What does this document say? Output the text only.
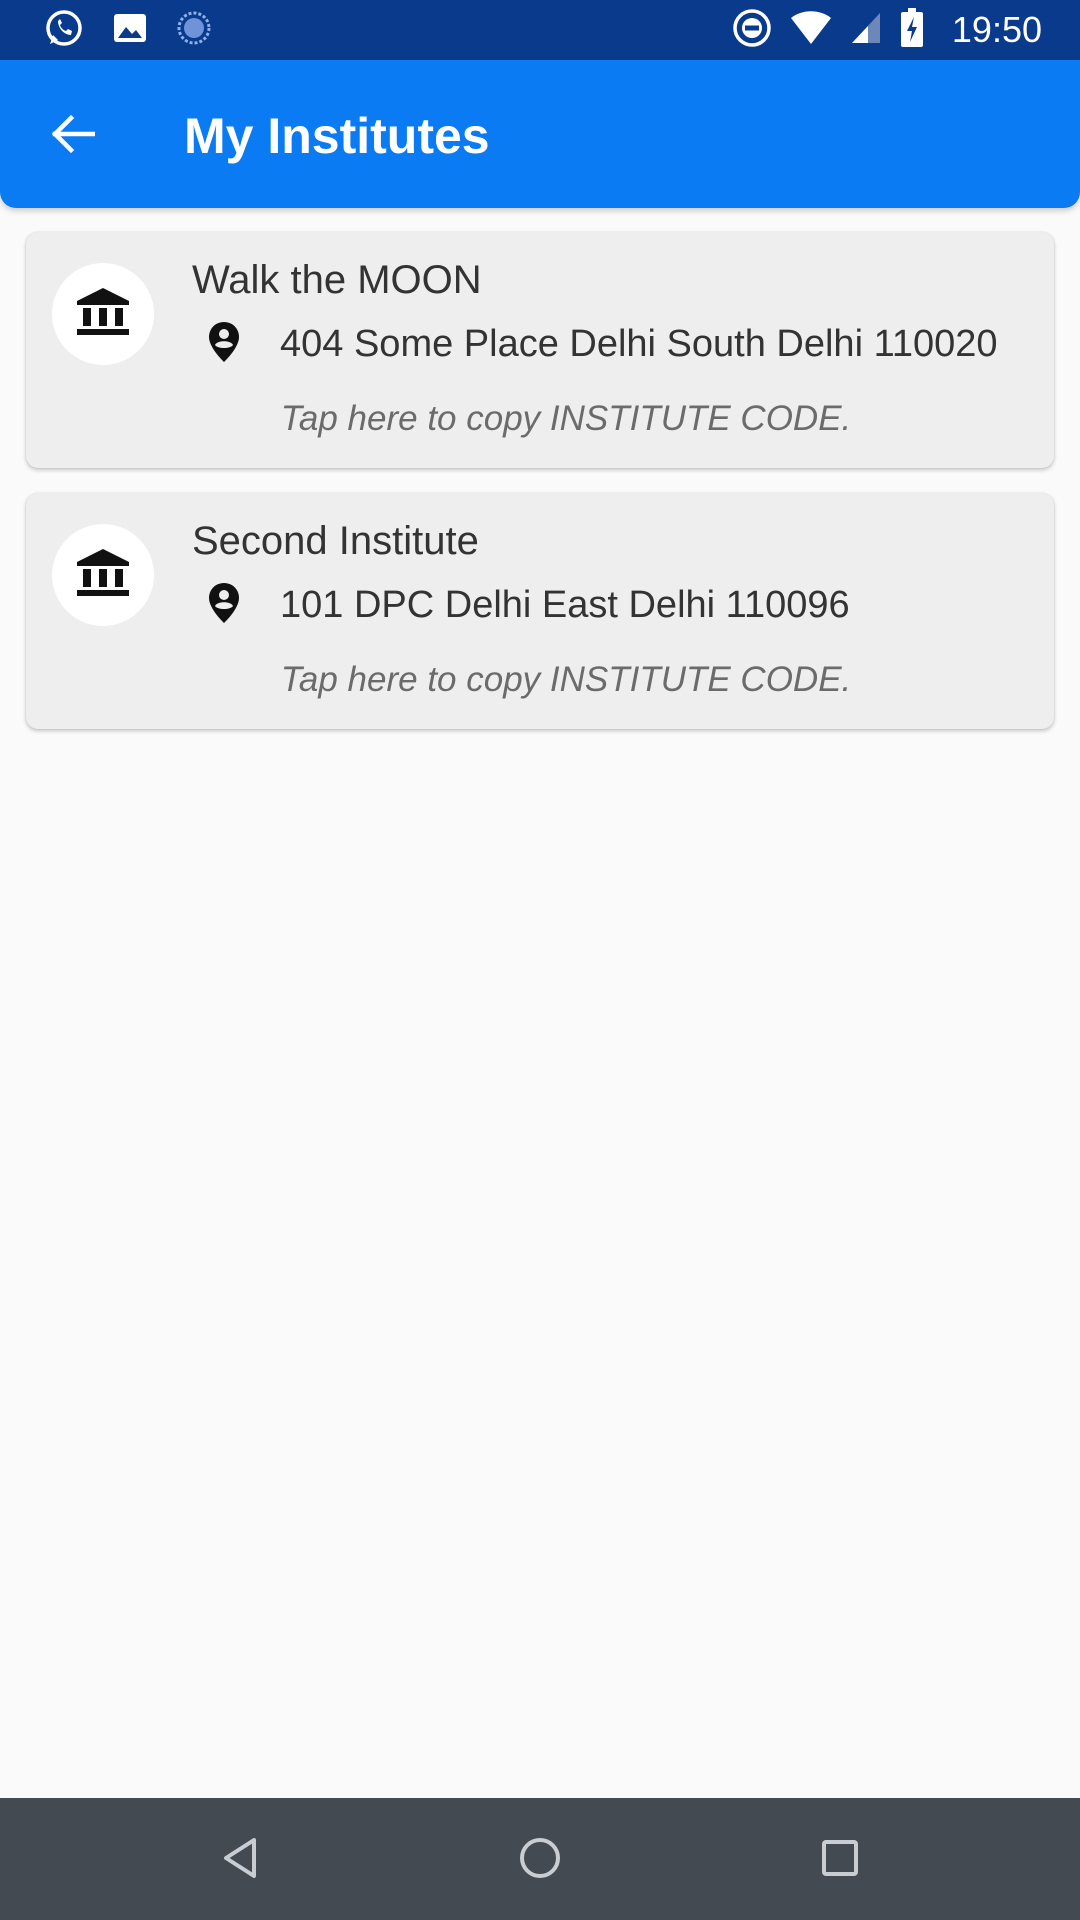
19:50
My Institutes
Walk the MOON
404 Some Place Delhi South Delhi 110020
Tap here to copy INSTITUTE CODE.
Second Institute
101 DPC Delhi East Delhi 110096
Tap here to copy INSTITUTE CODE.
